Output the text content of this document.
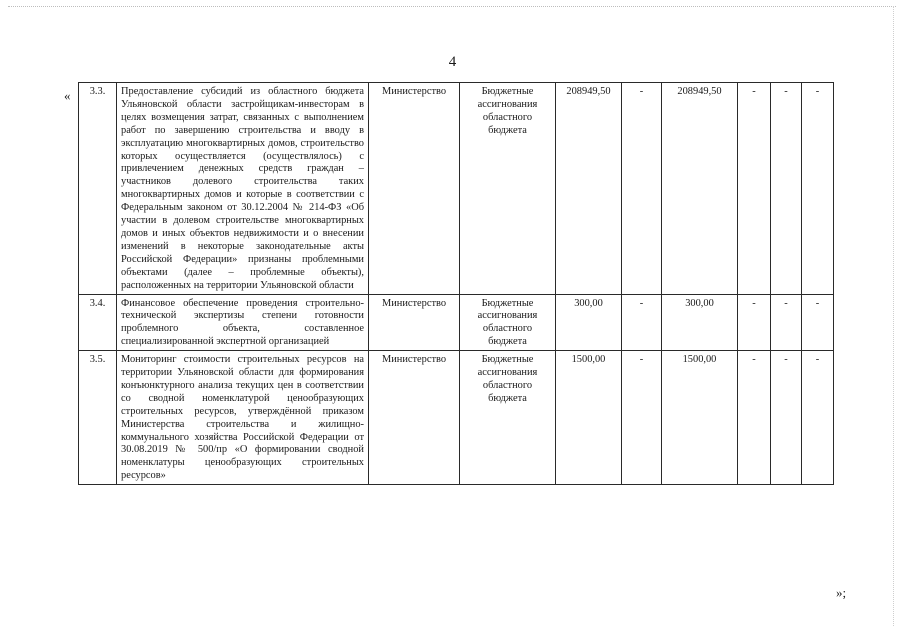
4
« 3.3.	Предоставление субсидий из областного бюджета Ульяновской области застройщикам-инвесторам в целях возмещения затрат, связанных с выполнением работ по завершению строительства и вводу в эксплуатацию многоквартирных домов, строительство которых осуществляется (осуществлялось) с привлечением денежных средств граждан – участников долевого строительства таких многоквартирных домов и которые в соответствии с Федеральным законом от 30.12.2004 № 214-ФЗ «Об участии в долевом строительстве многоквартирных домов и иных объектов недвижимости и о внесении изменений в некоторые законодательные акты Российской Федерации» признаны проблемными объектами (далее – проблемные объекты), расположенных на территории Ульяновской области	Министерство	Бюджетные ассигнования областного бюджета	208949,50	-	208949,50	-	-	-
3.4.	Финансовое обеспечение проведения строительно-технической экспертизы степени готовности проблемного объекта, составленное специализированной экспертной организацией	Министерство	Бюджетные ассигнования областного бюджета	300,00	-	300,00	-	-	-
3.5.	Мониторинг стоимости строительных ресурсов на территории Ульяновской области для формирования конъюнктурного анализа текущих цен в соответствии со сводной номенклатурой ценообразующих строительных ресурсов, утверждённой приказом Министерства строительства и жилищно-коммунального хозяйства Российской Федерации от 30.08.2019 № 500/пр «О формировании сводной номенклатуры ценообразующих строительных ресурсов»	Министерство	Бюджетные ассигнования областного бюджета	1500,00	-	1500,00	-	-	-
»;
